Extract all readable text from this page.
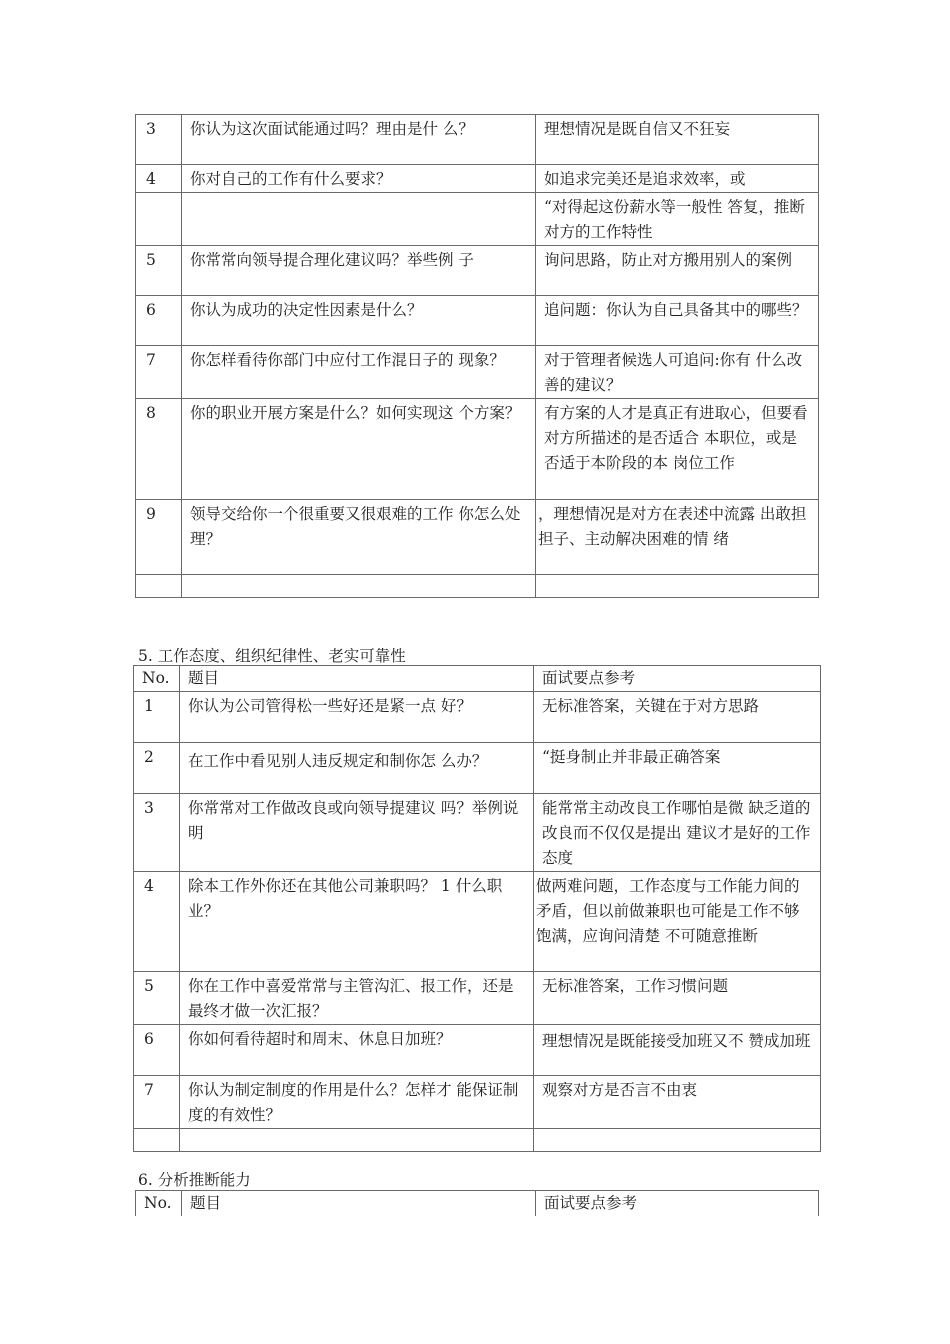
3	你认为这次面试能通过吗？理由是什 么？	理想情况是既自信又不狂妄

4	你对自己的工作有什么要求？	如追求完美还是追求效率，或

		“对得起这份薪水等一般性 答复，推断对方的工作特性

5	你常常向领导提合理化建议吗？举些例 子	询问思路，防止对方搬用别人的案例

6	你认为成功的决定性因素是什么？	追问题：你认为自己具备其中的哪些？

7	你怎样看待你部门中应付工作混日子的 现象？	对于管理者候选人可追问:你有 什么改善的建议？

8	你的职业开展方案是什么？如何实现这 个方案？	有方案的人才是真正有进取心，但要看对方所描述的是否适合 本职位，或是否适于本阶段的本 岗位工作

9	领导交给你一个很重要又很艰难的工作 你怎么处理？	，理想情况是对方在表述中流露 出敢担担子、主动解决困难的情 绪

5. 工作态度、组织纪律性、老实可靠性
No.	题目	面试要点参考

1	你认为公司管得松一些好还是紧一点 好？	无标准答案，关键在于对方思路

2	在工作中看见别人违反规定和制你怎 么办？	“挺身制止并非最正确答案

3	你常常对工作做改良或向领导提建议 吗？举例说明	能常常主动改良工作哪怕是微 缺乏道的改良而不仅仅是提出 建议才是好的工作态度

4	除本工作外你还在其他公司兼职吗？ 1 什么职业？	做两难问题，工作态度与工作能力间的矛盾，但以前做兼职也可能是工作不够饱满，应询问清楚 不可随意推断

5	你在工作中喜爱常常与主管沟汇、报工作，还是最终才做一次汇报？	无标准答案，工作习惯问题

6	你如何看待超时和周末、休息日加班？	理想情况是既能接受加班又不 赞成加班

7	你认为制定制度的作用是什么？怎样才 能保证制度的有效性？	观察对方是否言不由衷

6. 分析推断能力
No.	题目	面试要点参考
